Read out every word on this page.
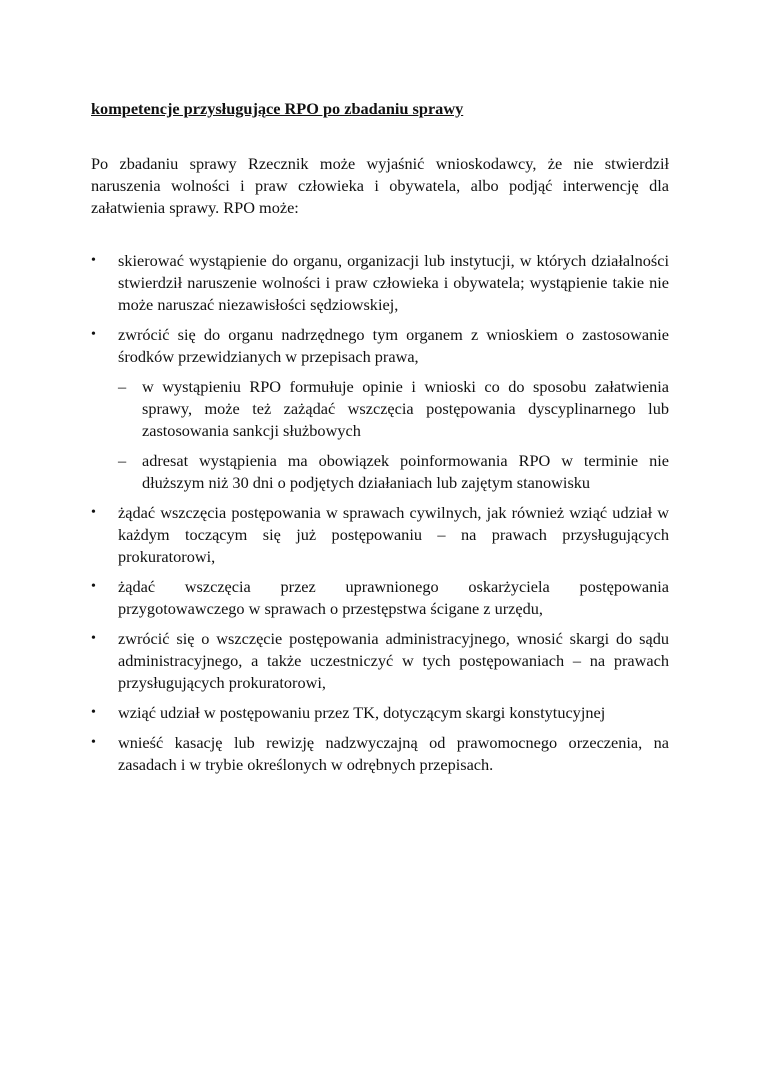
kompetencje przysługujące RPO po zbadaniu sprawy

Po zbadaniu sprawy Rzecznik może wyjaśnić wnioskodawcy, że nie stwierdził naruszenia wolności i praw człowieka i obywatela, albo podjąć interwencję dla załatwienia sprawy. RPO może:

•	skierować wystąpienie do organu, organizacji lub instytucji, w których działalności stwierdził naruszenie wolności i praw człowieka i obywatela; wystąpienie takie nie może naruszać niezawisłości sędziowskiej,
•	zwrócić się do organu nadrzędnego tym organem z wnioskiem o zastosowanie środków przewidzianych w przepisach prawa,
– w wystąpieniu RPO formułuje opinie i wnioski co do sposobu załatwienia sprawy, może też zażądać wszczęcia postępowania dyscyplinarnego lub zastosowania sankcji służbowych
– adresat wystąpienia ma obowiązek poinformowania RPO w terminie nie dłuższym niż 30 dni o podjętych działaniach lub zajętym stanowisku
•	żądać wszczęcia postępowania w sprawach cywilnych, jak również wziąć udział w każdym toczącym się już postępowaniu – na prawach przysługujących prokuratorowi,
•	żądać wszczęcia przez uprawnionego oskarżyciela postępowania przygotowawczego w sprawach o przestępstwa ścigane z urzędu,
•	zwrócić się o wszczęcie postępowania administracyjnego, wnosić skargi do sądu administracyjnego, a także uczestniczyć w tych postępowaniach – na prawach przysługujących prokuratorowi,
•	wziąć udział w postępowaniu przez TK, dotyczącym skargi konstytucyjnej
•	wnieść kasację lub rewizję nadzwyczajną od prawomocnego orzeczenia, na zasadach i w trybie określonych w odrębnych przepisach.
